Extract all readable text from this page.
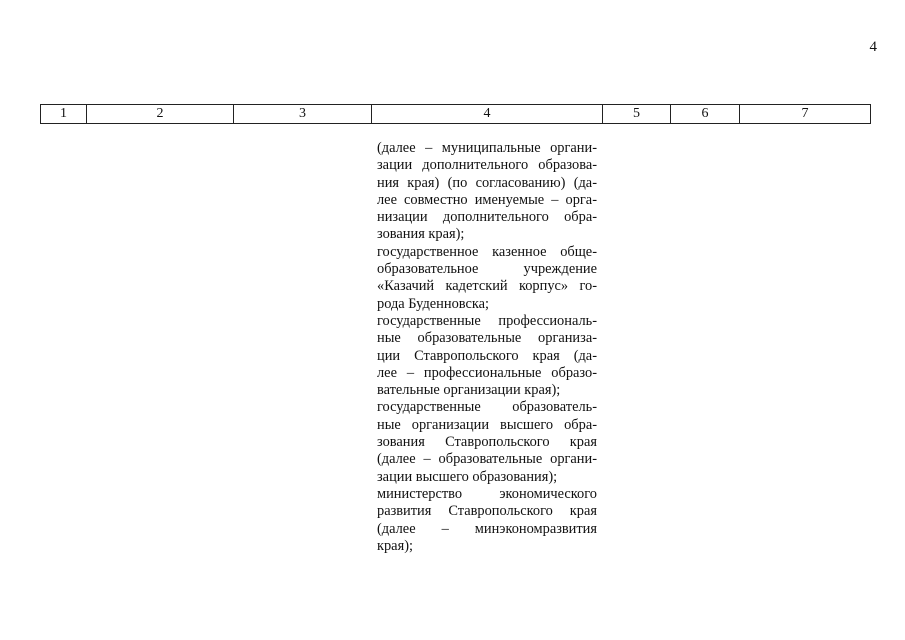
4
1	2	3	4	5	6	7
(далее – муниципальные органи-
зации дополнительного образова-
ния края) (по согласованию) (да-
лее совместно именуемые – орга-
низации дополнительного обра-
зования края);
государственное казенное обще-
образовательное учреждение
«Казачий кадетский корпус» го-
рода Буденновска;
государственные профессиональ-
ные образовательные организа-
ции Ставропольского края (да-
лее – профессиональные образо-
вательные организации края);
государственные образователь-
ные организации высшего обра-
зования Ставропольского края
(далее – образовательные органи-
зации высшего образования);
министерство экономического
развития Ставропольского края
(далее – минэкономразвития
края);
